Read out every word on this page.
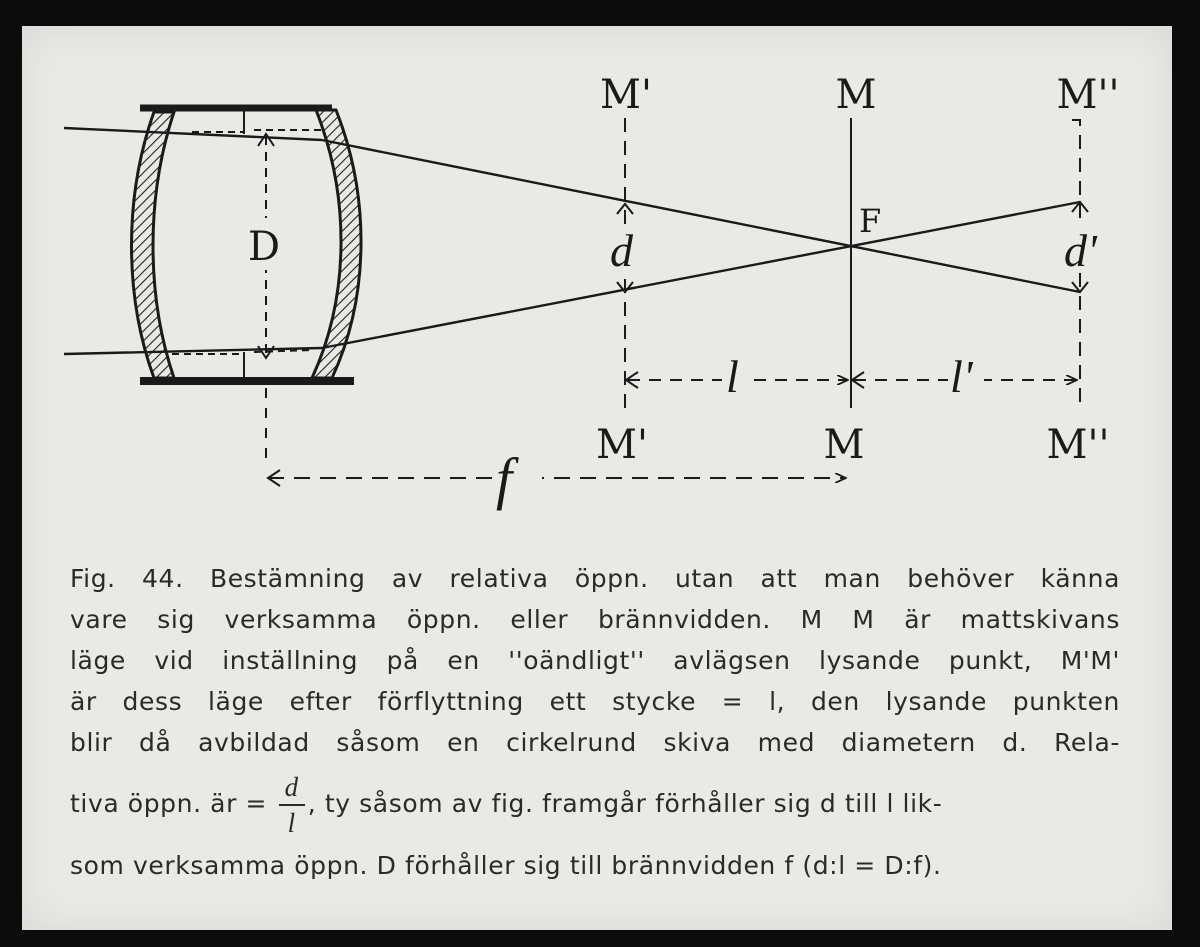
D	d	d'
F
M'	M	M''
l	l'
M'	M	M''
f
Fig. 44. Bestämning av relativa öppn. utan att man behöver känna
vare sig verksamma öppn. eller brännvidden. M M är mattskivans
läge vid inställning på en ''oändligt'' avlägsen lysande punkt, M'M'
är dess läge efter förflyttning ett stycke = l, den lysande punkten
blir då avbildad såsom en cirkelrund skiva med diametern d. Rela-
tiva öppn. är = $\frac{d}{l}$ , ty såsom av fig. framgår förhåller sig d till l lik-
som verksamma öppn. D förhåller sig till brännvidden f (d:l = D:f).
